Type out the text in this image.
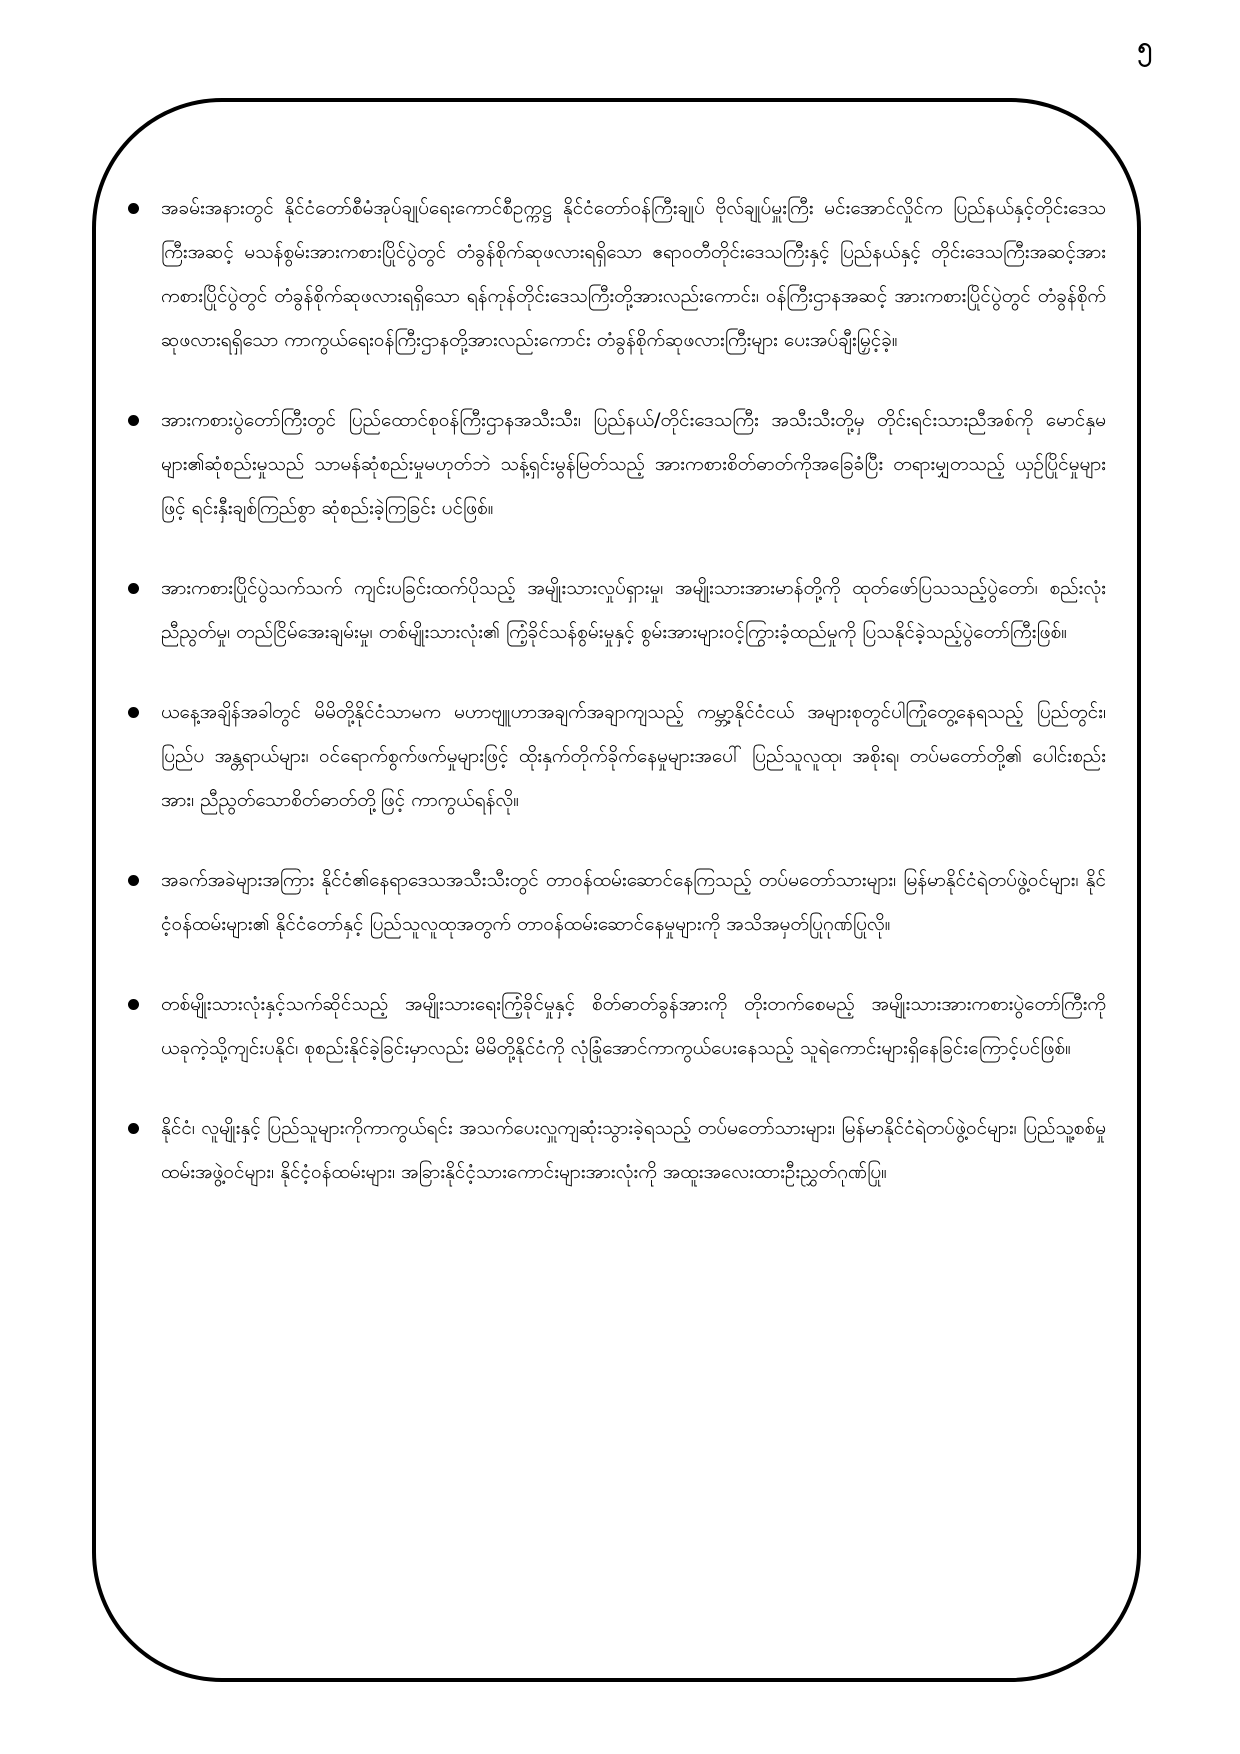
၅
အခမ်းအနားတွင် နိုင်ငံတော်စီမံအုပ်ချုပ်ရေးကောင်စီဥက္ကဋ္ဌ နိုင်ငံတော်ဝန်ကြီးချုပ် ဗိုလ်ချုပ်မှူးကြီး မင်းအောင်လှိုင်က ပြည်နယ်နှင့်တိုင်းဒေသကြီးအဆင့် မသန်စွမ်းအားကစားပြိုင်ပွဲတွင် တံခွန်စိုက်ဆုဖလားရရှိသော ဧရာဝတီတိုင်းဒေသကြီးနှင့် ပြည်နယ်နှင့် တိုင်းဒေသကြီးအဆင့်အား ကစားပြိုင်ပွဲတွင် တံခွန်စိုက်ဆုဖလားရရှိသော ရန်ကုန်တိုင်းဒေသကြီးတို့အားလည်းကောင်း၊ ဝန်ကြီးဌာနအဆင့် အားကစားပြိုင်ပွဲတွင် တံခွန်စိုက်ဆုဖလားရရှိသော ကာကွယ်ရေးဝန်ကြီးဌာနတို့အားလည်းကောင်း တံခွန်စိုက်ဆုဖလားကြီးများ ပေးအပ်ချီးမြှင့်ခဲ့။
အားကစားပွဲတော်ကြီးတွင် ပြည်ထောင်စုဝန်ကြီးဌာနအသီးသီး၊ ပြည်နယ်/တိုင်းဒေသကြီး အသီးသီးတို့မှ တိုင်းရင်းသားညီအစ်ကို မောင်နှမများ၏ဆုံစည်းမှုသည် သာမန်ဆုံစည်းမှုမဟုတ်ဘဲ သန့်ရှင်းမွန်မြတ်သည့် အားကစားစိတ်ဓာတ်ကိုအခြေခံပြီး တရားမျှတသည့် ယှဉ်ပြိုင်မှုများဖြင့် ရင်းနှီးချစ်ကြည်စွာ ဆုံစည်းခဲ့ကြခြင်း ပင်ဖြစ်။
အားကစားပြိုင်ပွဲသက်သက် ကျင်းပခြင်းထက်ပိုသည့် အမျိုးသားလှုပ်ရှားမှု၊ အမျိုးသားအားမာန်တို့ကို ထုတ်ဖော်ပြသသည့်ပွဲတော်၊ စည်းလုံးညီညွတ်မှု၊ တည်ငြိမ်အေးချမ်းမှု၊ တစ်မျိုးသားလုံး၏ ကြံ့ခိုင်သန်စွမ်းမှုနှင့် စွမ်းအားများဝင့်ကြွားခံ့ထည်မှုကို ပြသနိုင်ခဲ့သည့်ပွဲတော်ကြီးဖြစ်။
ယနေ့အချိန်အခါတွင် မိမိတို့နိုင်ငံသာမက မဟာဗျူဟာအချက်အချာကျသည့် ကမ္ဘာ့နိုင်ငံငယ် အများစုတွင်ပါကြုံတွေ့နေရသည့် ပြည်တွင်း၊ ပြည်ပ အန္တရာယ်များ၊ ဝင်ရောက်စွက်ဖက်မှုများဖြင့် ထိုးနှက်တိုက်ခိုက်နေမှုများအပေါ် ပြည်သူလူထု၊ အစိုးရ၊ တပ်မတော်တို့၏ ပေါင်းစည်းအား၊ ညီညွတ်သောစိတ်ဓာတ်တို့ဖြင့် ကာကွယ်ရန်လို။
အခက်အခဲများအကြား နိုင်ငံ၏နေရာဒေသအသီးသီးတွင် တာဝန်ထမ်းဆောင်နေကြသည့် တပ်မတော်သားများ၊ မြန်မာနိုင်ငံရဲတပ်ဖွဲ့ဝင်များ၊ နိုင်ငံ့ဝန်ထမ်းများ၏ နိုင်ငံတော်နှင့် ပြည်သူလူထုအတွက် တာဝန်ထမ်းဆောင်နေမှုများကို အသိအမှတ်ပြုဂုဏ်ပြုလို။
တစ်မျိုးသားလုံးနှင့်သက်ဆိုင်သည့် အမျိုးသားရေးကြံ့ခိုင်မှုနှင့် စိတ်ဓာတ်ခွန်အားကို တိုးတက်စေမည့် အမျိုးသားအားကစားပွဲတော်ကြီးကို ယခုကဲ့သို့ကျင်းပနိုင်၊ စုစည်းနိုင်ခဲ့ခြင်းမှာလည်း မိမိတို့နိုင်ငံကို လုံခြုံအောင်ကာကွယ်ပေးနေသည့် သူရဲကောင်းများရှိနေခြင်းကြောင့်ပင်ဖြစ်။
နိုင်ငံ၊ လူမျိုးနှင့် ပြည်သူများကိုကာကွယ်ရင်း အသက်ပေးလှူကျဆုံးသွားခဲ့ရသည့် တပ်မတော်သားများ၊ မြန်မာနိုင်ငံရဲတပ်ဖွဲ့ဝင်များ၊ ပြည်သူ့စစ်မှုထမ်းအဖွဲ့ဝင်များ၊ နိုင်ငံ့ဝန်ထမ်းများ၊ အခြားနိုင်ငံ့သားကောင်းများအားလုံးကို အထူးအလေးထားဦးညွှတ်ဂုဏ်ပြု။
